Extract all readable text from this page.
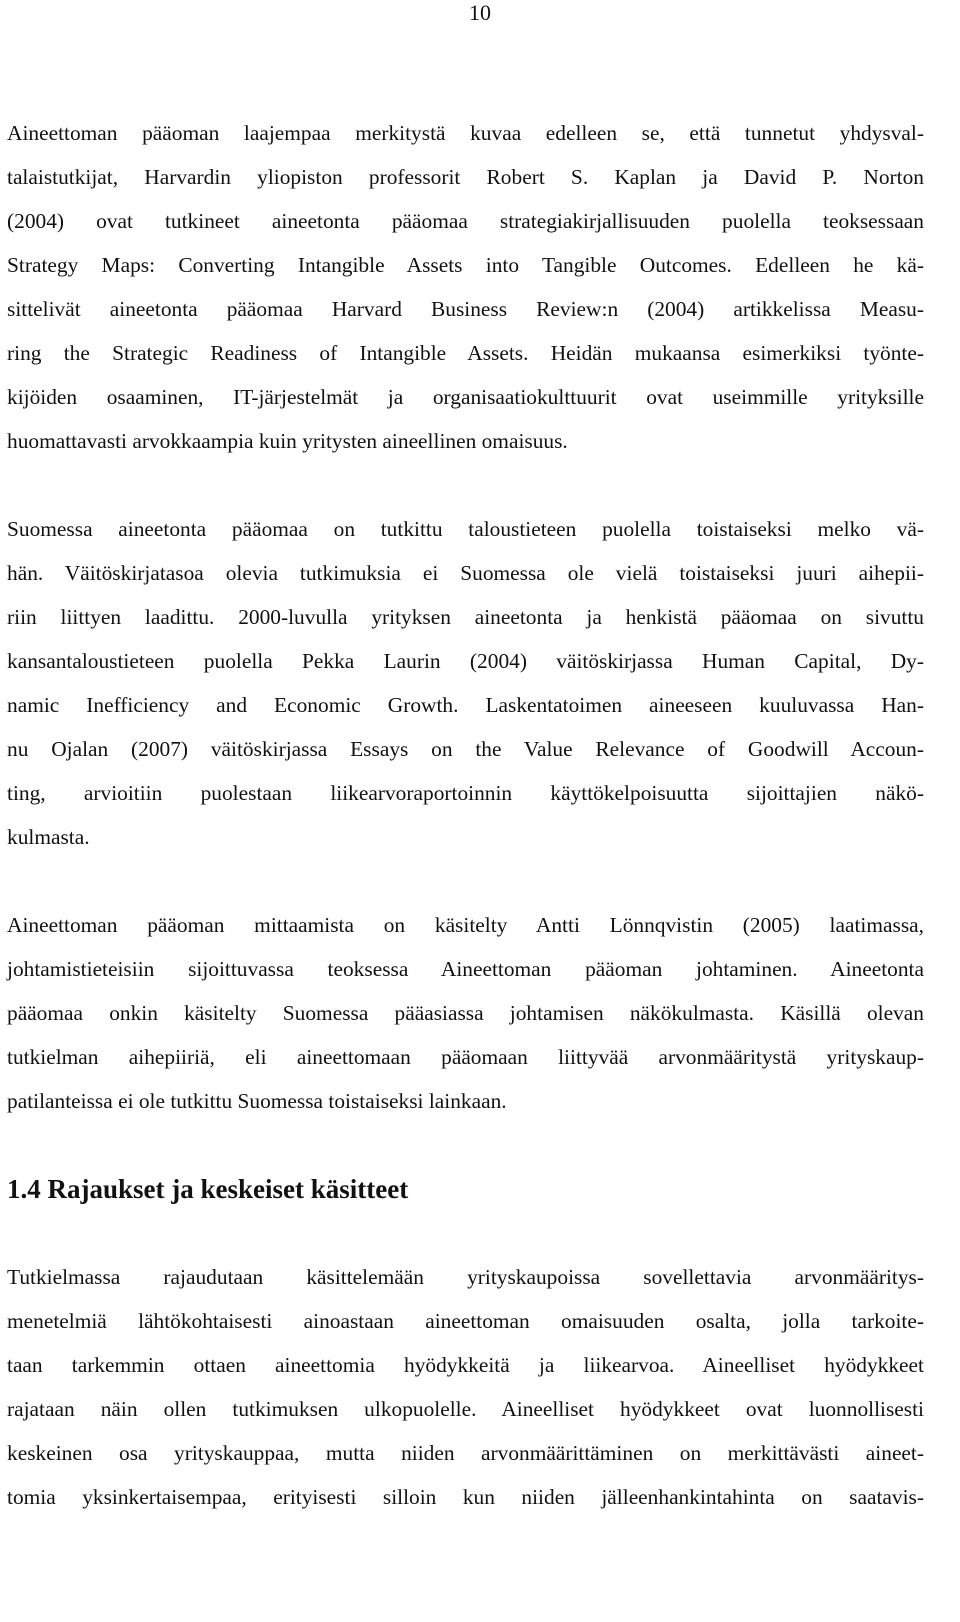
10

Aineettoman pääoman laajempaa merkitystä kuvaa edelleen se, että tunnetut yhdysval-
talaistutkijat, Harvardin yliopiston professorit Robert S. Kaplan ja David P. Norton
(2004) ovat tutkineet aineetonta pääomaa strategiakirjallisuuden puolella teoksessaan
Strategy Maps: Converting Intangible Assets into Tangible Outcomes. Edelleen he kä-
sittelivät aineetonta pääomaa Harvard Business Review:n (2004) artikkelissa Measu-
ring the Strategic Readiness of Intangible Assets. Heidän mukaansa esimerkiksi työnte-
kijöiden osaaminen, IT-järjestelmät ja organisaatiokulttuurit ovat useimmille yrityksille
huomattavasti arvokkaampia kuin yritysten aineellinen omaisuus.

Suomessa aineetonta pääomaa on tutkittu taloustieteen puolella toistaiseksi melko vä-
hän. Väitöskirjatasoa olevia tutkimuksia ei Suomessa ole vielä toistaiseksi juuri aihepii-
riin liittyen laadittu. 2000-luvulla yrityksen aineetonta ja henkistä pääomaa on sivuttu
kansantaloustieteen puolella Pekka Laurin (2004) väitöskirjassa Human Capital, Dy-
namic Inefficiency and Economic Growth. Laskentatoimen aineeseen kuuluvassa Han-
nu Ojalan (2007) väitöskirjassa Essays on the Value Relevance of Goodwill Accoun-
ting, arvioitiin puolestaan liikearvoraportoinnin käyttökelpoisuutta sijoittajien näkö-
kulmasta.

Aineettoman pääoman mittaamista on käsitelty Antti Lönnqvistin (2005) laatimassa,
johtamistieteisiin sijoittuvassa teoksessa Aineettoman pääoman johtaminen. Aineetonta
pääomaa onkin käsitelty Suomessa pääasiassa johtamisen näkökulmasta. Käsillä olevan
tutkielman aihepiiriä, eli aineettomaan pääomaan liittyvää arvonmääritystä yrityskaup-
patilanteissa ei ole tutkittu Suomessa toistaiseksi lainkaan.

1.4 Rajaukset ja keskeiset käsitteet

Tutkielmassa rajaudutaan käsittelemään yrityskaupoissa sovellettavia arvonmääritys-
menetelmiä lähtökohtaisesti ainoastaan aineettoman omaisuuden osalta, jolla tarkoite-
taan tarkemmin ottaen aineettomia hyödykkeitä ja liikearvoa. Aineelliset hyödykkeet
rajataan näin ollen tutkimuksen ulkopuolelle. Aineelliset hyödykkeet ovat luonnollisesti
keskeinen osa yrityskauppaa, mutta niiden arvonmäärittäminen on merkittävästi aineet-
tomia yksinkertaisempaa, erityisesti silloin kun niiden jälleenhankintahinta on saatavis-
